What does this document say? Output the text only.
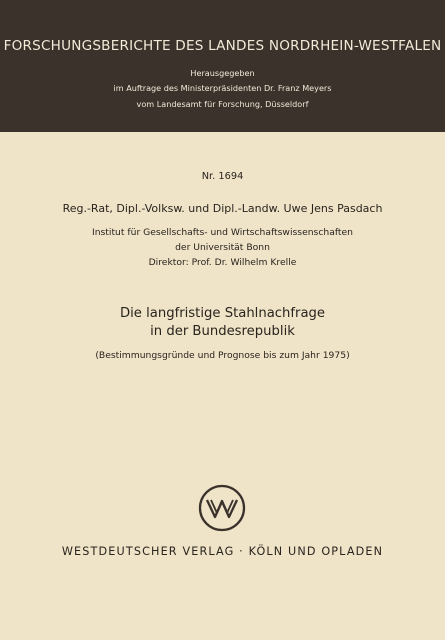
FORSCHUNGSBERICHTE DES LANDES NORDRHEIN-WESTFALEN
Herausgegeben
im Auftrage des Ministerpräsidenten Dr. Franz Meyers
vom Landesamt für Forschung, Düsseldorf
Nr. 1694
Reg.-Rat, Dipl.-Volksw. und Dipl.-Landw. Uwe Jens Pasdach
Institut für Gesellschafts- und Wirtschaftswissenschaften
der Universität Bonn
Direktor: Prof. Dr. Wilhelm Krelle
Die langfristige Stahlnachfrage
in der Bundesrepublik
(Bestimmungsgründe und Prognose bis zum Jahr 1975)
WESTDEUTSCHER VERLAG · KÖLN UND OPLADEN
